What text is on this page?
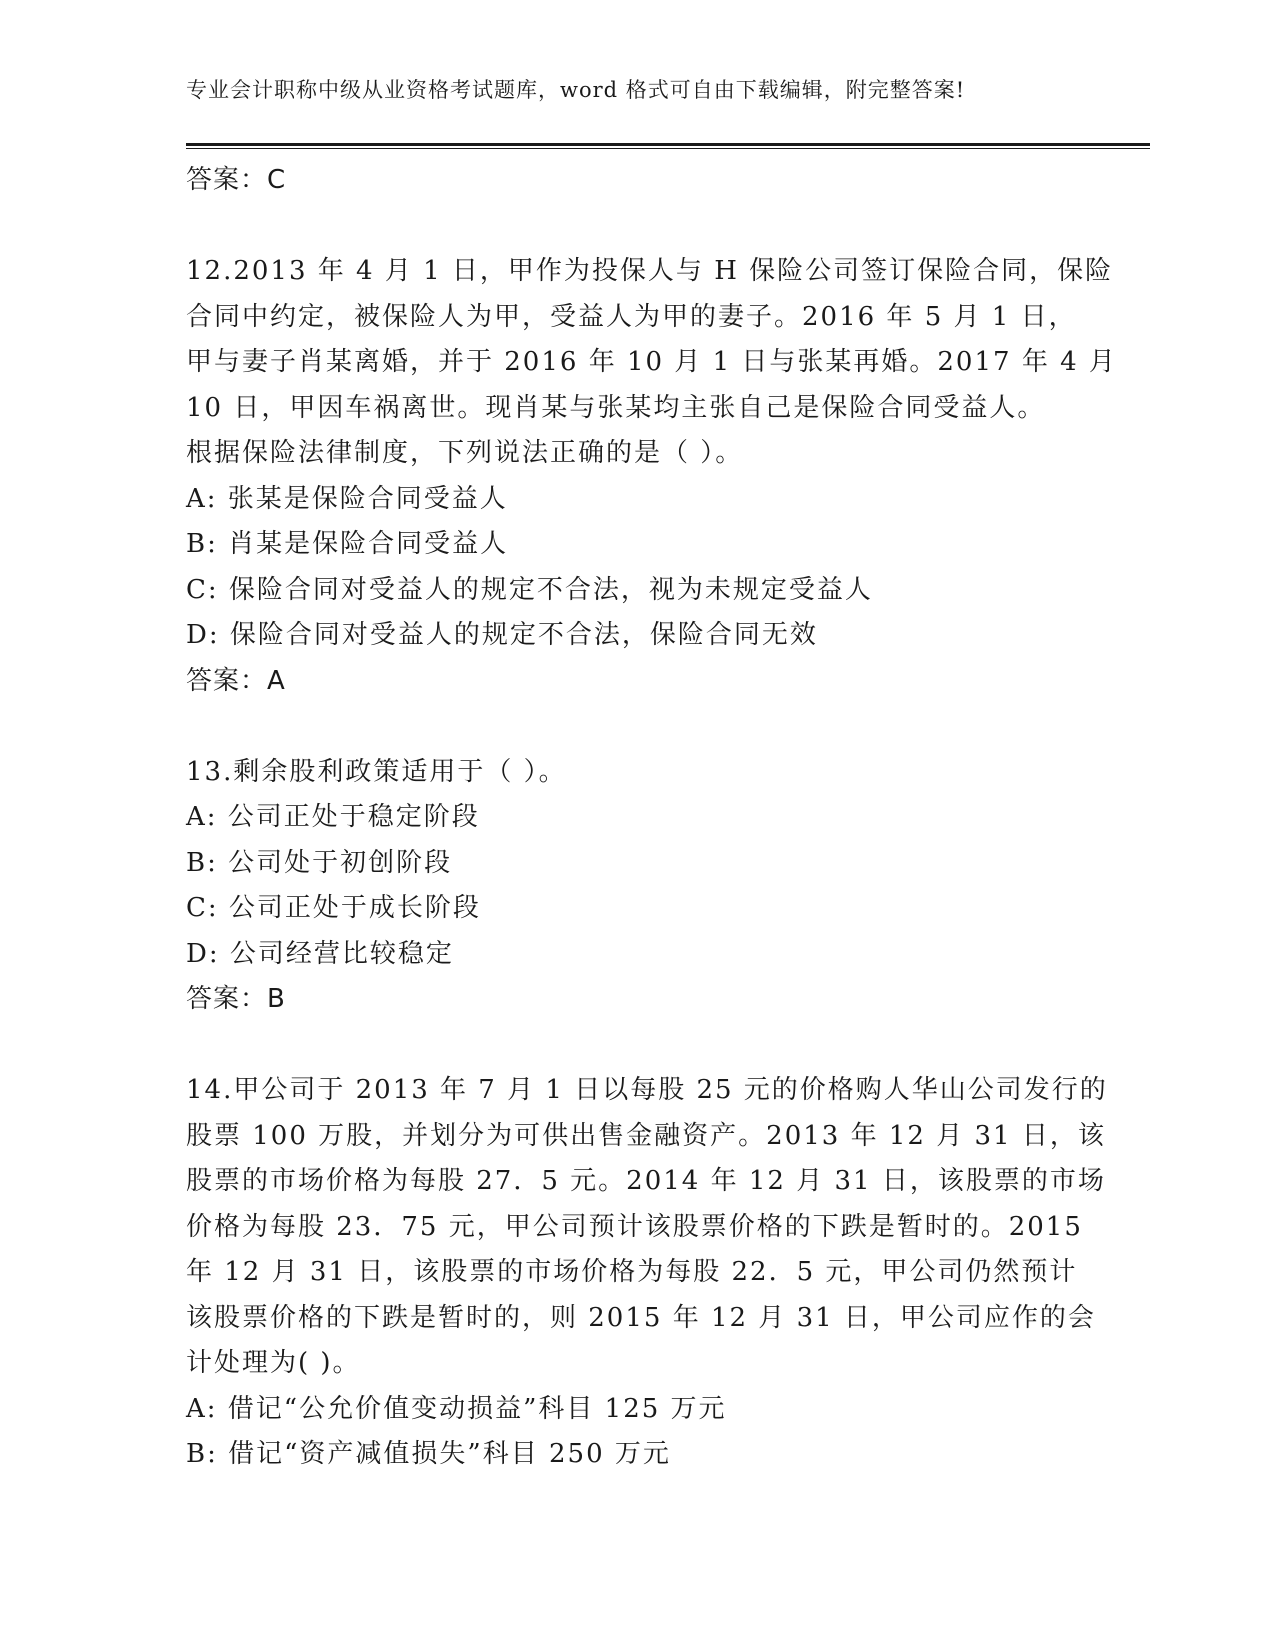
专业会计职称中级从业资格考试题库，word 格式可自由下载编辑，附完整答案!
答案：C
12.2013 年 4 月 1 日，甲作为投保人与 H 保险公司签订保险合同，保险
合同中约定，被保险人为甲，受益人为甲的妻子。2016 年 5 月 1 日，
甲与妻子肖某离婚，并于 2016 年 10 月 1 日与张某再婚。2017 年 4 月
10 日，甲因车祸离世。现肖某与张某均主张自己是保险合同受益人。
根据保险法律制度，下列说法正确的是（ ）。
A: 张某是保险合同受益人
B: 肖某是保险合同受益人
C: 保险合同对受益人的规定不合法，视为未规定受益人
D: 保险合同对受益人的规定不合法，保险合同无效
答案：A
13.剩余股利政策适用于（ ）。
A: 公司正处于稳定阶段
B: 公司处于初创阶段
C: 公司正处于成长阶段
D: 公司经营比较稳定
答案：B
14.甲公司于 2013 年 7 月 1 日以每股 25 元的价格购人华山公司发行的
股票 100 万股，并划分为可供出售金融资产。2013 年 12 月 31 日，该
股票的市场价格为每股 27．5 元。2014 年 12 月 31 日，该股票的市场
价格为每股 23．75 元，甲公司预计该股票价格的下跌是暂时的。2015
年 12 月 31 日，该股票的市场价格为每股 22．5 元，甲公司仍然预计
该股票价格的下跌是暂时的，则 2015 年 12 月 31 日，甲公司应作的会
计处理为( )。
A: 借记“公允价值变动损益”科目 125 万元
B: 借记“资产减值损失”科目 250 万元
